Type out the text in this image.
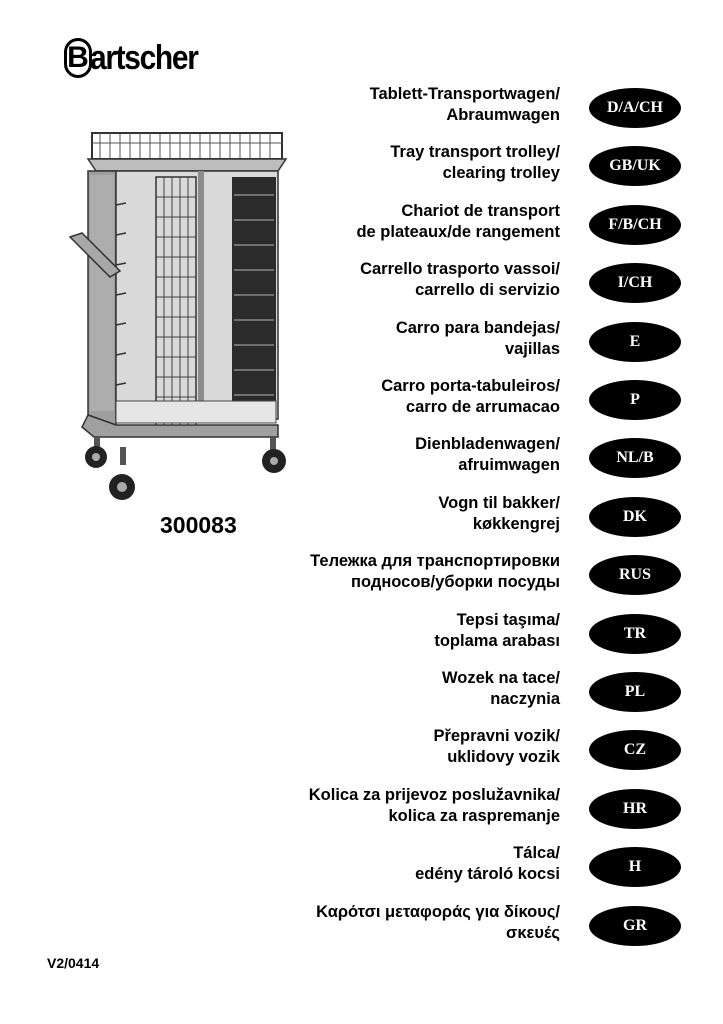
B artscher
300083
V2/0414
Tablett-Transportwagen/
Abraumwagen	D/A/CH
Tray transport trolley/
clearing trolley	GB/UK
Chariot de transport
de plateaux/de rangement	F/B/CH
Carrello trasporto vassoi/
carrello di servizio	I/CH
Carro para bandejas/
vajillas	E
Carro porta-tabuleiros/
carro de arrumacao	P
Dienbladenwagen/
afruimwagen	NL/B
Vogn til bakker/
køkkengrej	DK
Тележка для транспортировки
подносов/уборки посуды	RUS
Tepsi taşıma/
toplama arabası	TR
Wozek na tace/
naczynia	PL
Přepravni vozik/
uklidovy vozik	CZ
Kolica za prijevoz poslužavnika/
kolica za raspremanje	HR
Tálca/
edény tároló kocsi	H
Καρότσι μεταφοράς για δίκους/
σκευές	GR
